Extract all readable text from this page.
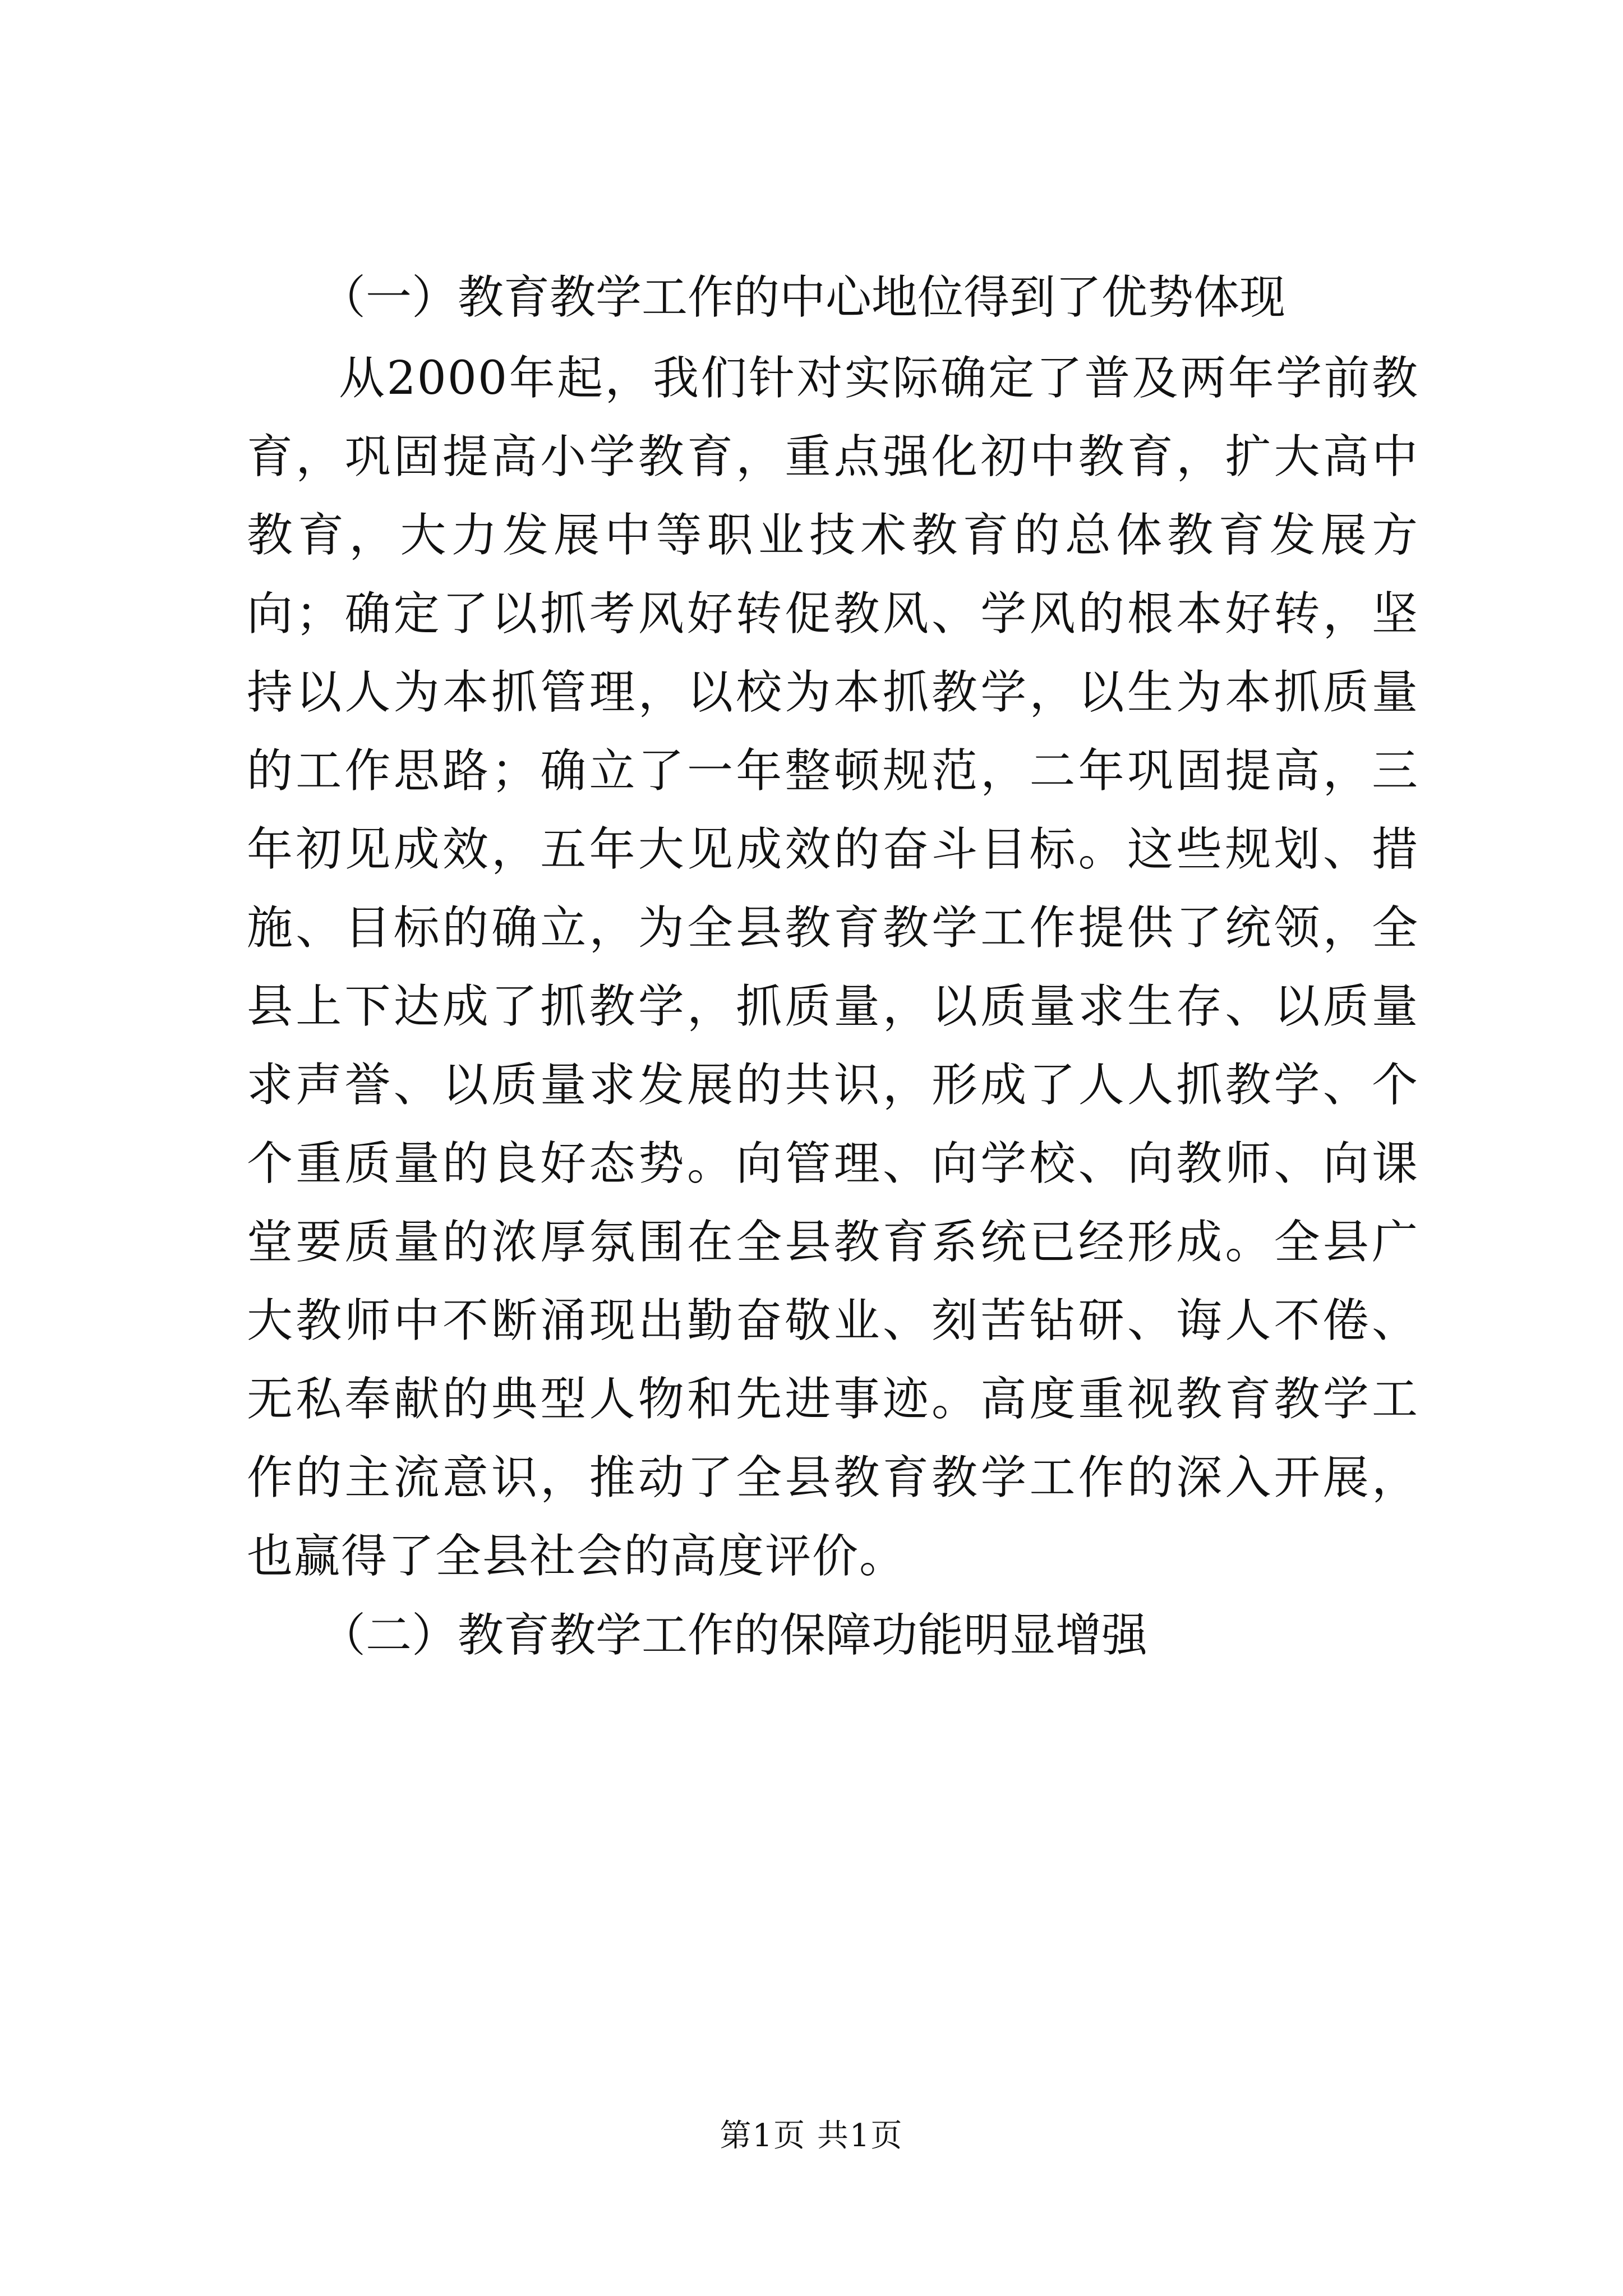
（一）教育教学工作的中心地位得到了优势体现

从2000年起，我们针对实际确定了普及两年学前教育，巩固提高小学教育，重点强化初中教育，扩大高中教育，大力发展中等职业技术教育的总体教育发展方向；确定了以抓考风好转促教风、学风的根本好转，坚持以人为本抓管理，以校为本抓教学，以生为本抓质量的工作思路；确立了一年整顿规范，二年巩固提高，三年初见成效，五年大见成效的奋斗目标。这些规划、措施、目标的确立，为全县教育教学工作提供了统领，全县上下达成了抓教学，抓质量，以质量求生存、以质量求声誉、以质量求发展的共识，形成了人人抓教学、个个重质量的良好态势。向管理、向学校、向教师、向课堂要质量的浓厚氛围在全县教育系统已经形成。全县广大教师中不断涌现出勤奋敬业、刻苦钻研、诲人不倦、无私奉献的典型人物和先进事迹。高度重视教育教学工作的主流意识，推动了全县教育教学工作的深入开展，也赢得了全县社会的高度评价。

（二）教育教学工作的保障功能明显增强
第1页 共1页
